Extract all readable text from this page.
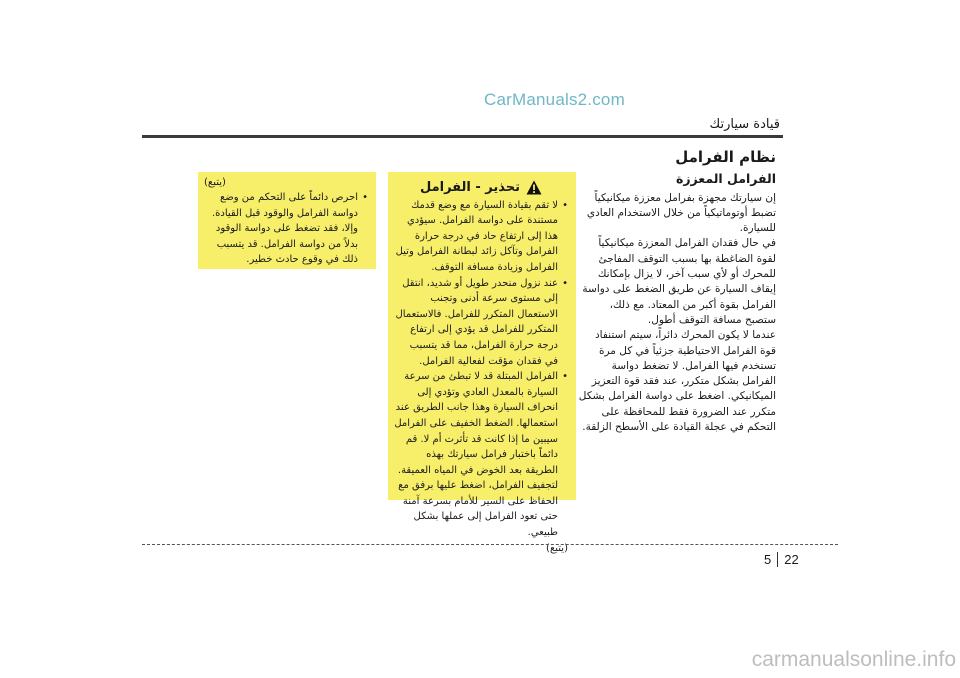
CarManuals2.com
قيادة سيارتك
نظام الفرامل
الفرامل المعززة

إن سيارتك مجهزة بفرامل معززة ميكانيكياً تضبط أوتوماتيكياً من خلال الاستخدام العادي للسيارة.

في حال فقدان الفرامل المعززة ميكانيكياً لقوة الضاغطة بها بسبب التوقف المفاجئ للمحرك أو لأي سبب آخر، لا يزال بإمكانك إيقاف السيارة عن طريق الضغط على دواسة الفرامل بقوة أكبر من المعتاد. مع ذلك، ستصبح مسافة التوقف أطول.

عندما لا يكون المحرك دائراً، سيتم استنفاد قوة الفرامل الاحتياطية جزئياً في كل مرة تستخدم فيها الفرامل. لا تضغط دواسة الفرامل بشكل متكرر، عند فقد قوة التعزيز الميكانيكي. اضغط على دواسة الفرامل بشكل متكرر عند الضرورة فقط للمحافظة على التحكم في عجلة القيادة على الأسطح الزلقة.

تحذير - الفرامل
• لا تقم بقيادة السيارة مع وضع قدمك مستندة على دواسة الفرامل. سيؤدي هذا إلى ارتفاع حاد في درجة حرارة الفرامل وتآكل زائد لبطانة الفرامل وتيل الفرامل وزيادة مسافة التوقف.
• عند نزول منحدر طويل أو شديد، انتقل إلى مستوى سرعة أدنى وتجنب الاستعمال المتكرر للفرامل. فالاستعمال المتكرر للفرامل قد يؤدي إلى ارتفاع درجة حرارة الفرامل، مما قد يتسبب في فقدان مؤقت لفعالية الفرامل.
• الفرامل المبتلة قد لا تبطئ من سرعة السيارة بالمعدل العادي وتؤدي إلى انحراف السيارة وهذا جانب الطريق عند استعمالها. الضغط الخفيف على الفرامل سيبين ما إذا كانت قد تأثرت أم لا. قم دائماً باختبار فرامل سيارتك بهذه الطريقة بعد الخوض في المياه العميقة. لتجفيف الفرامل، اضغط عليها برفق مع الحفاظ على السير للأمام بسرعة آمنة حتى تعود الفرامل إلى عملها بشكل طبيعي.
(يتبع)
(يتبع)
• احرص دائماً على التحكم من وضع دواسة الفرامل والوقود قبل القيادة. وإلا، فقد تضغط على دواسة الوقود بدلاً من دواسة الفرامل. قد يتسبب ذلك في وقوع حادث خطير.
5 22
carmanualsonline.info
